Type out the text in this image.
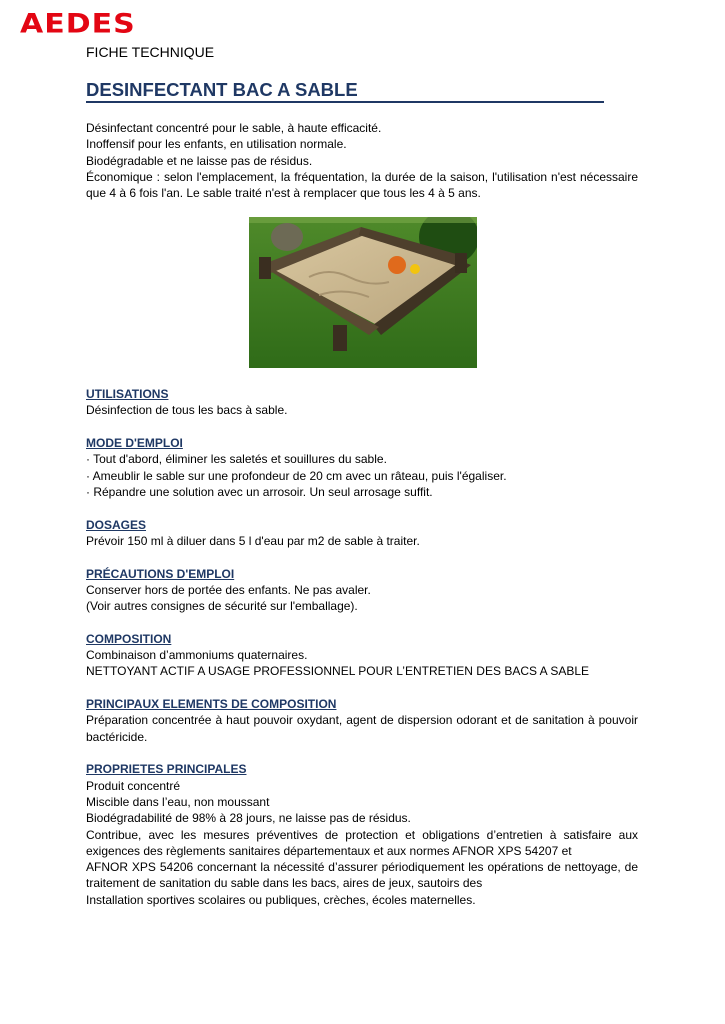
AEDES
FICHE TECHNIQUE
DESINFECTANT BAC A SABLE

Désinfectant concentré pour le sable, à haute efficacité.

Inoffensif pour les enfants, en utilisation normale.

Biodégradable et ne laisse pas de résidus.

Économique : selon l'emplacement, la fréquentation, la durée de la saison, l'utilisation n'est nécessaire que 4 à 6 fois l'an. Le sable traité n'est à remplacer que tous les 4 à 5 ans.

UTILISATIONS

Désinfection de tous les bacs à sable.

MODE D'EMPLOI

· Tout d'abord, éliminer les saletés et souillures du sable.

· Ameublir le sable sur une profondeur de 20 cm avec un râteau, puis l'égaliser.

· Répandre une solution avec un arrosoir. Un seul arrosage suffit.

DOSAGES

Prévoir 150 ml à diluer dans 5 l d'eau par m2 de sable à traiter.

PRÉCAUTIONS D'EMPLOI

Conserver hors de portée des enfants. Ne pas avaler.

(Voir autres consignes de sécurité sur l'emballage).

COMPOSITION

Combinaison d’ammoniums quaternaires.

NETTOYANT ACTIF A USAGE PROFESSIONNEL POUR L’ENTRETIEN DES BACS A SABLE

PRINCIPAUX ELEMENTS DE COMPOSITION

Préparation concentrée à haut pouvoir oxydant, agent de dispersion odorant et de sanitation à pouvoir bactéricide.

PROPRIETES PRINCIPALES

Produit concentré

Miscible dans l’eau, non moussant

Biodégradabilité de 98% à 28 jours, ne laisse pas de résidus.

Contribue, avec les mesures préventives de protection et obligations d’entretien à satisfaire aux exigences des règlements sanitaires départementaux et aux normes AFNOR XPS 54207 et

AFNOR XPS 54206 concernant la nécessité d’assurer périodiquement les opérations de nettoyage, de traitement de sanitation du sable dans les bacs, aires de jeux, sautoirs des

Installation sportives scolaires ou publiques, crèches, écoles maternelles.
